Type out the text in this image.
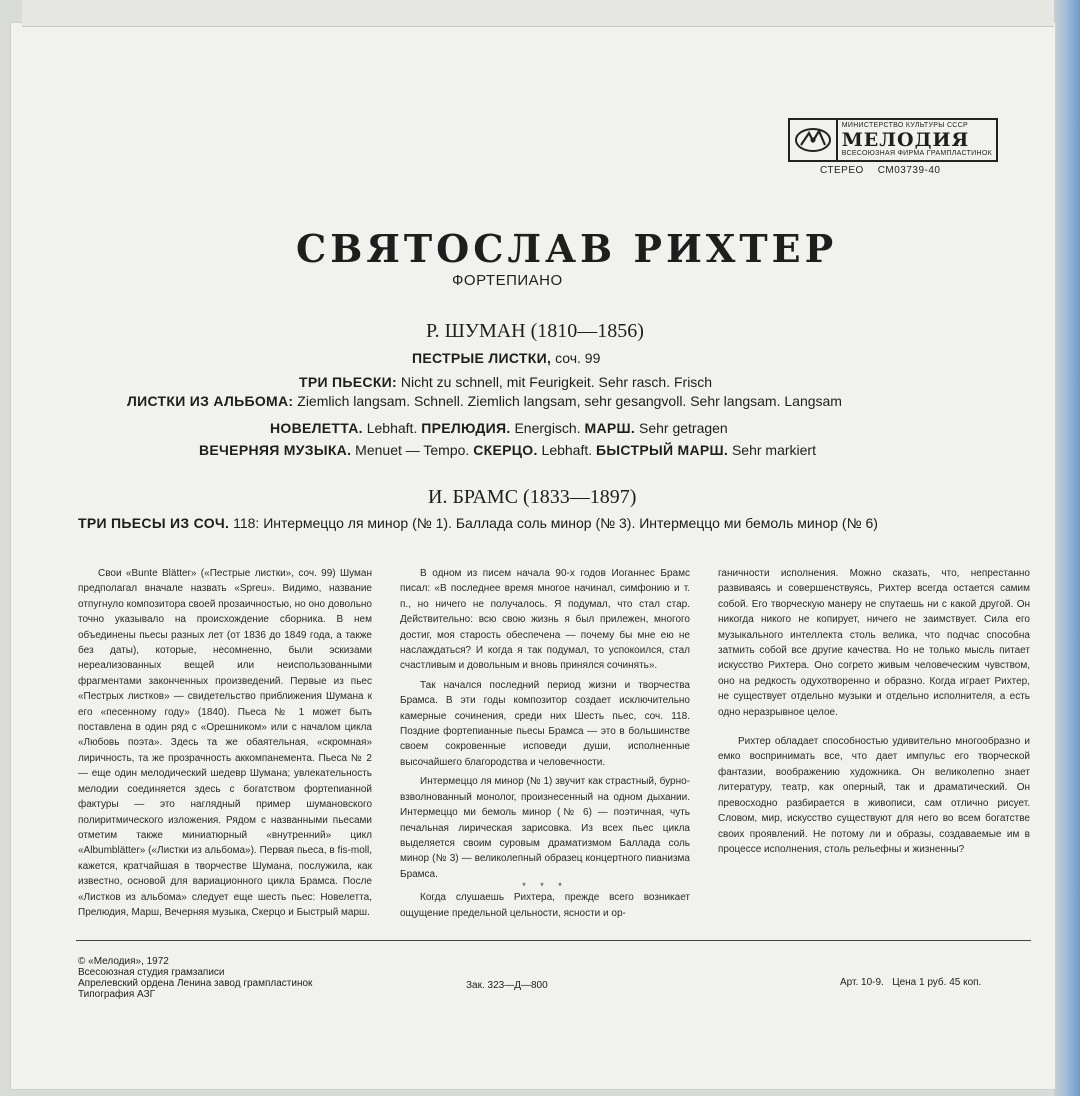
МИНИСТЕРСТВО КУЛЬТУРЫ СССР
МЕЛОДИЯ
ВСЕСОЮЗНАЯ ФИРМА ГРАМПЛАСТИНОК
СТЕРЕО СМ03739-40
СВЯТОСЛАВ РИХТЕР
ФОРТЕПИАНО
Р. ШУМАН (1810—1856)
ПЕСТРЫЕ ЛИСТКИ, соч. 99
ТРИ ПЬЕСКИ: Nicht zu schnell, mit Feurigkeit. Sehr rasch. Frisch
ЛИСТКИ ИЗ АЛЬБОМА: Ziemlich langsam. Schnell. Ziemlich langsam, sehr gesangvoll. Sehr langsam. Langsam
НОВЕЛЕТТА. Lebhaft. ПРЕЛЮДИЯ. Energisch. МАРШ. Sehr getragen
ВЕЧЕРНЯЯ МУЗЫКА. Menuet — Tempo. СКЕРЦО. Lebhaft. БЫСТРЫЙ МАРШ. Sehr markiert
И. БРАМС (1833—1897)
ТРИ ПЬЕСЫ ИЗ СОЧ. 118: Интермеццо ля минор (№ 1). Баллада соль минор (№ 3). Интермеццо ми бемоль минор (№ 6)

Свои «Bunte Blätter» («Пестрые листки», соч. 99) Шуман предполагал вначале назвать «Spreu». Видимо, название отпугнуло композитора своей прозаичностью, но оно довольно точно указывало на происхождение сборника. В нем объединены пьесы разных лет (от 1836 до 1849 года, а также без даты), которые, несомненно, были эскизами нереализованных вещей или неиспользованными фрагментами законченных произведений. Первые из пьес «Пестрых листков» — свидетельство приближения Шумана к его «песенному году» (1840). Пьеса № 1 может быть поставлена в один ряд с «Орешником» или с началом цикла «Любовь поэта». Здесь та же обаятельная, «скромная» лиричность, та же прозрачность аккомпанемента. Пьеса № 2 — еще один мелодический шедевр Шумана; увлекательность мелодии соединяется здесь с богатством фортепианной фактуры — это наглядный пример шумановского полиритмического изложения. Рядом с названными пьесами отметим также миниатюрный «внутренний» цикл «Albumblätter» («Листки из альбома»). Первая пьеса, в fis-moll, кажется, кратчайшая в творчестве Шумана, послужила, как известно, основой для вариационного цикла Брамса. После «Листков из альбома» следует еще шесть пьес: Новелетта, Прелюдия, Марш, Вечерняя музыка, Скерцо и Быстрый марш.

В одном из писем начала 90-х годов Иоганнес Брамс писал: «В последнее время многое начинал, симфонию и т. п., но ничего не получалось. Я подумал, что стал стар. Действительно: всю свою жизнь я был прилежен, многого достиг, моя старость обеспечена — почему бы мне ею не наслаждаться? И когда я так подумал, то успокоился, стал счастливым и довольным и вновь принялся сочинять».

Так начался последний период жизни и творчества Брамса. В эти годы композитор создает исключительно камерные сочинения, среди них Шесть пьес, соч. 118. Поздние фортепианные пьесы Брамса — это в большинстве своем сокровенные исповеди души, исполненные высочайшего благородства и человечности.

Интермеццо ля минор (№ 1) звучит как страстный, бурно-взволнованный монолог, произнесенный на одном дыхании. Интермеццо ми бемоль минор (№ 6) — поэтичная, чуть печальная лирическая зарисовка. Из всех пьес цикла выделяется своим суровым драматизмом Баллада соль минор (№ 3) — великолепный образец концертного пианизма Брамса.

* * *

Когда слушаешь Рихтера, прежде всего возникает ощущение предельной цельности, ясности и ор-

ганичности исполнения. Можно сказать, что, непрестанно развиваясь и совершенствуясь, Рихтер всегда остается самим собой. Его творческую манеру не спутаешь ни с какой другой. Он никогда никого не копирует, ничего не заимствует. Сила его музыкального интеллекта столь велика, что подчас способна затмить собой все другие качества. Но не только мысль питает искусство Рихтера. Оно согрето живым человеческим чувством, оно на редкость одухотворенно и образно. Когда играет Рихтер, не существует отдельно музыки и отдельно исполнителя, а есть одно неразрывное целое.

Рихтер обладает способностью удивительно многообразно и емко воспринимать все, что дает импульс его творческой фантазии, воображению художника. Он великолепно знает литературу, театр, как оперный, так и драматический. Он превосходно разбирается в живописи, сам отлично рисует. Словом, мир, искусство существуют для него во всем богатстве своих проявлений. Не потому ли и образы, создаваемые им в процессе исполнения, столь рельефны и жизненны?

© «Мелодия», 1972
Всесоюзная студия грамзаписи
Апрелевский ордена Ленина завод грампластинок
Типография АЗГ
Зак. 323—Д—800	Арт. 10-9. Цена 1 руб. 45 коп.
